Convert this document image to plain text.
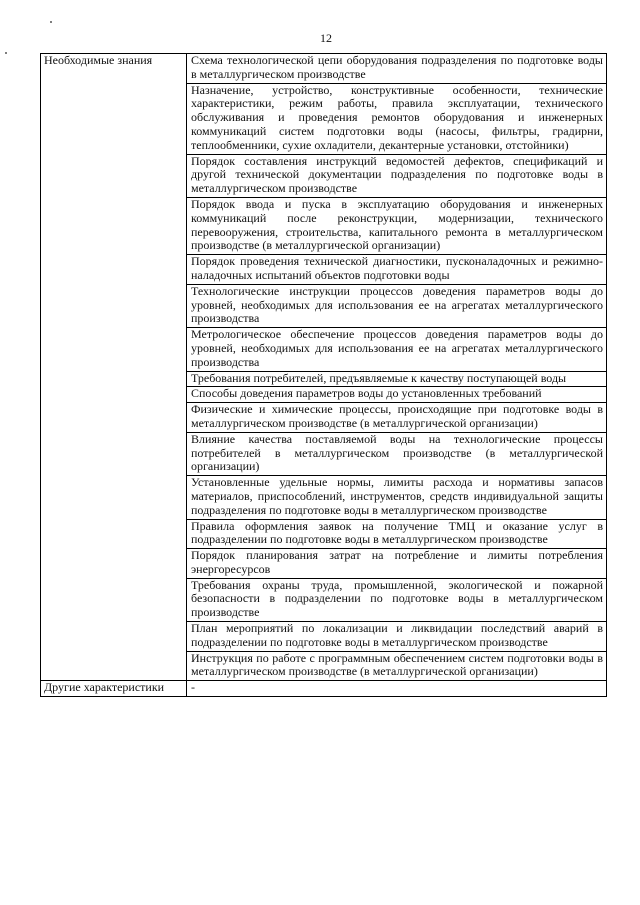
12
Необходимые знания	Схема технологической цепи оборудования подразделения по подготовке воды в металлургическом производстве
	Назначение, устройство, конструктивные особенности, технические характеристики, режим работы, правила эксплуатации, технического обслуживания и проведения ремонтов оборудования и инженерных коммуникаций систем подготовки воды (насосы, фильтры, градирни, теплообменники, сухие охладители, декантерные установки, отстойники)
	Порядок составления инструкций ведомостей дефектов, спецификаций и другой технической документации подразделения по подготовке воды в металлургическом производстве
	Порядок ввода и пуска в эксплуатацию оборудования и инженерных коммуникаций после реконструкции, модернизации, технического перевооружения, строительства, капитального ремонта в металлургическом производстве (в металлургической организации)
	Порядок проведения технической диагностики, пусконаладочных и режимно-наладочных испытаний объектов подготовки воды
	Технологические инструкции процессов доведения параметров воды до уровней, необходимых для использования ее на агрегатах металлургического производства
	Метрологическое обеспечение процессов доведения параметров воды до уровней, необходимых для использования ее на агрегатах металлургического производства
	Требования потребителей, предъявляемые к качеству поступающей воды
	Способы доведения параметров воды до установленных требований
	Физические и химические процессы, происходящие при подготовке воды в металлургическом производстве (в металлургической организации)
	Влияние качества поставляемой воды на технологические процессы потребителей в металлургическом производстве (в металлургической организации)
	Установленные удельные нормы, лимиты расхода и нормативы запасов материалов, приспособлений, инструментов, средств индивидуальной защиты подразделения по подготовке воды в металлургическом производстве
	Правила оформления заявок на получение ТМЦ и оказание услуг в подразделении по подготовке воды в металлургическом производстве
	Порядок планирования затрат на потребление и лимиты потребления энергоресурсов
	Требования охраны труда, промышленной, экологической и пожарной безопасности в подразделении по подготовке воды в металлургическом производстве
	План мероприятий по локализации и ликвидации последствий аварий в подразделении по подготовке воды в металлургическом производстве
	Инструкция по работе с программным обеспечением систем подготовки воды в металлургическом производстве (в металлургической организации)
Другие характеристики	-
